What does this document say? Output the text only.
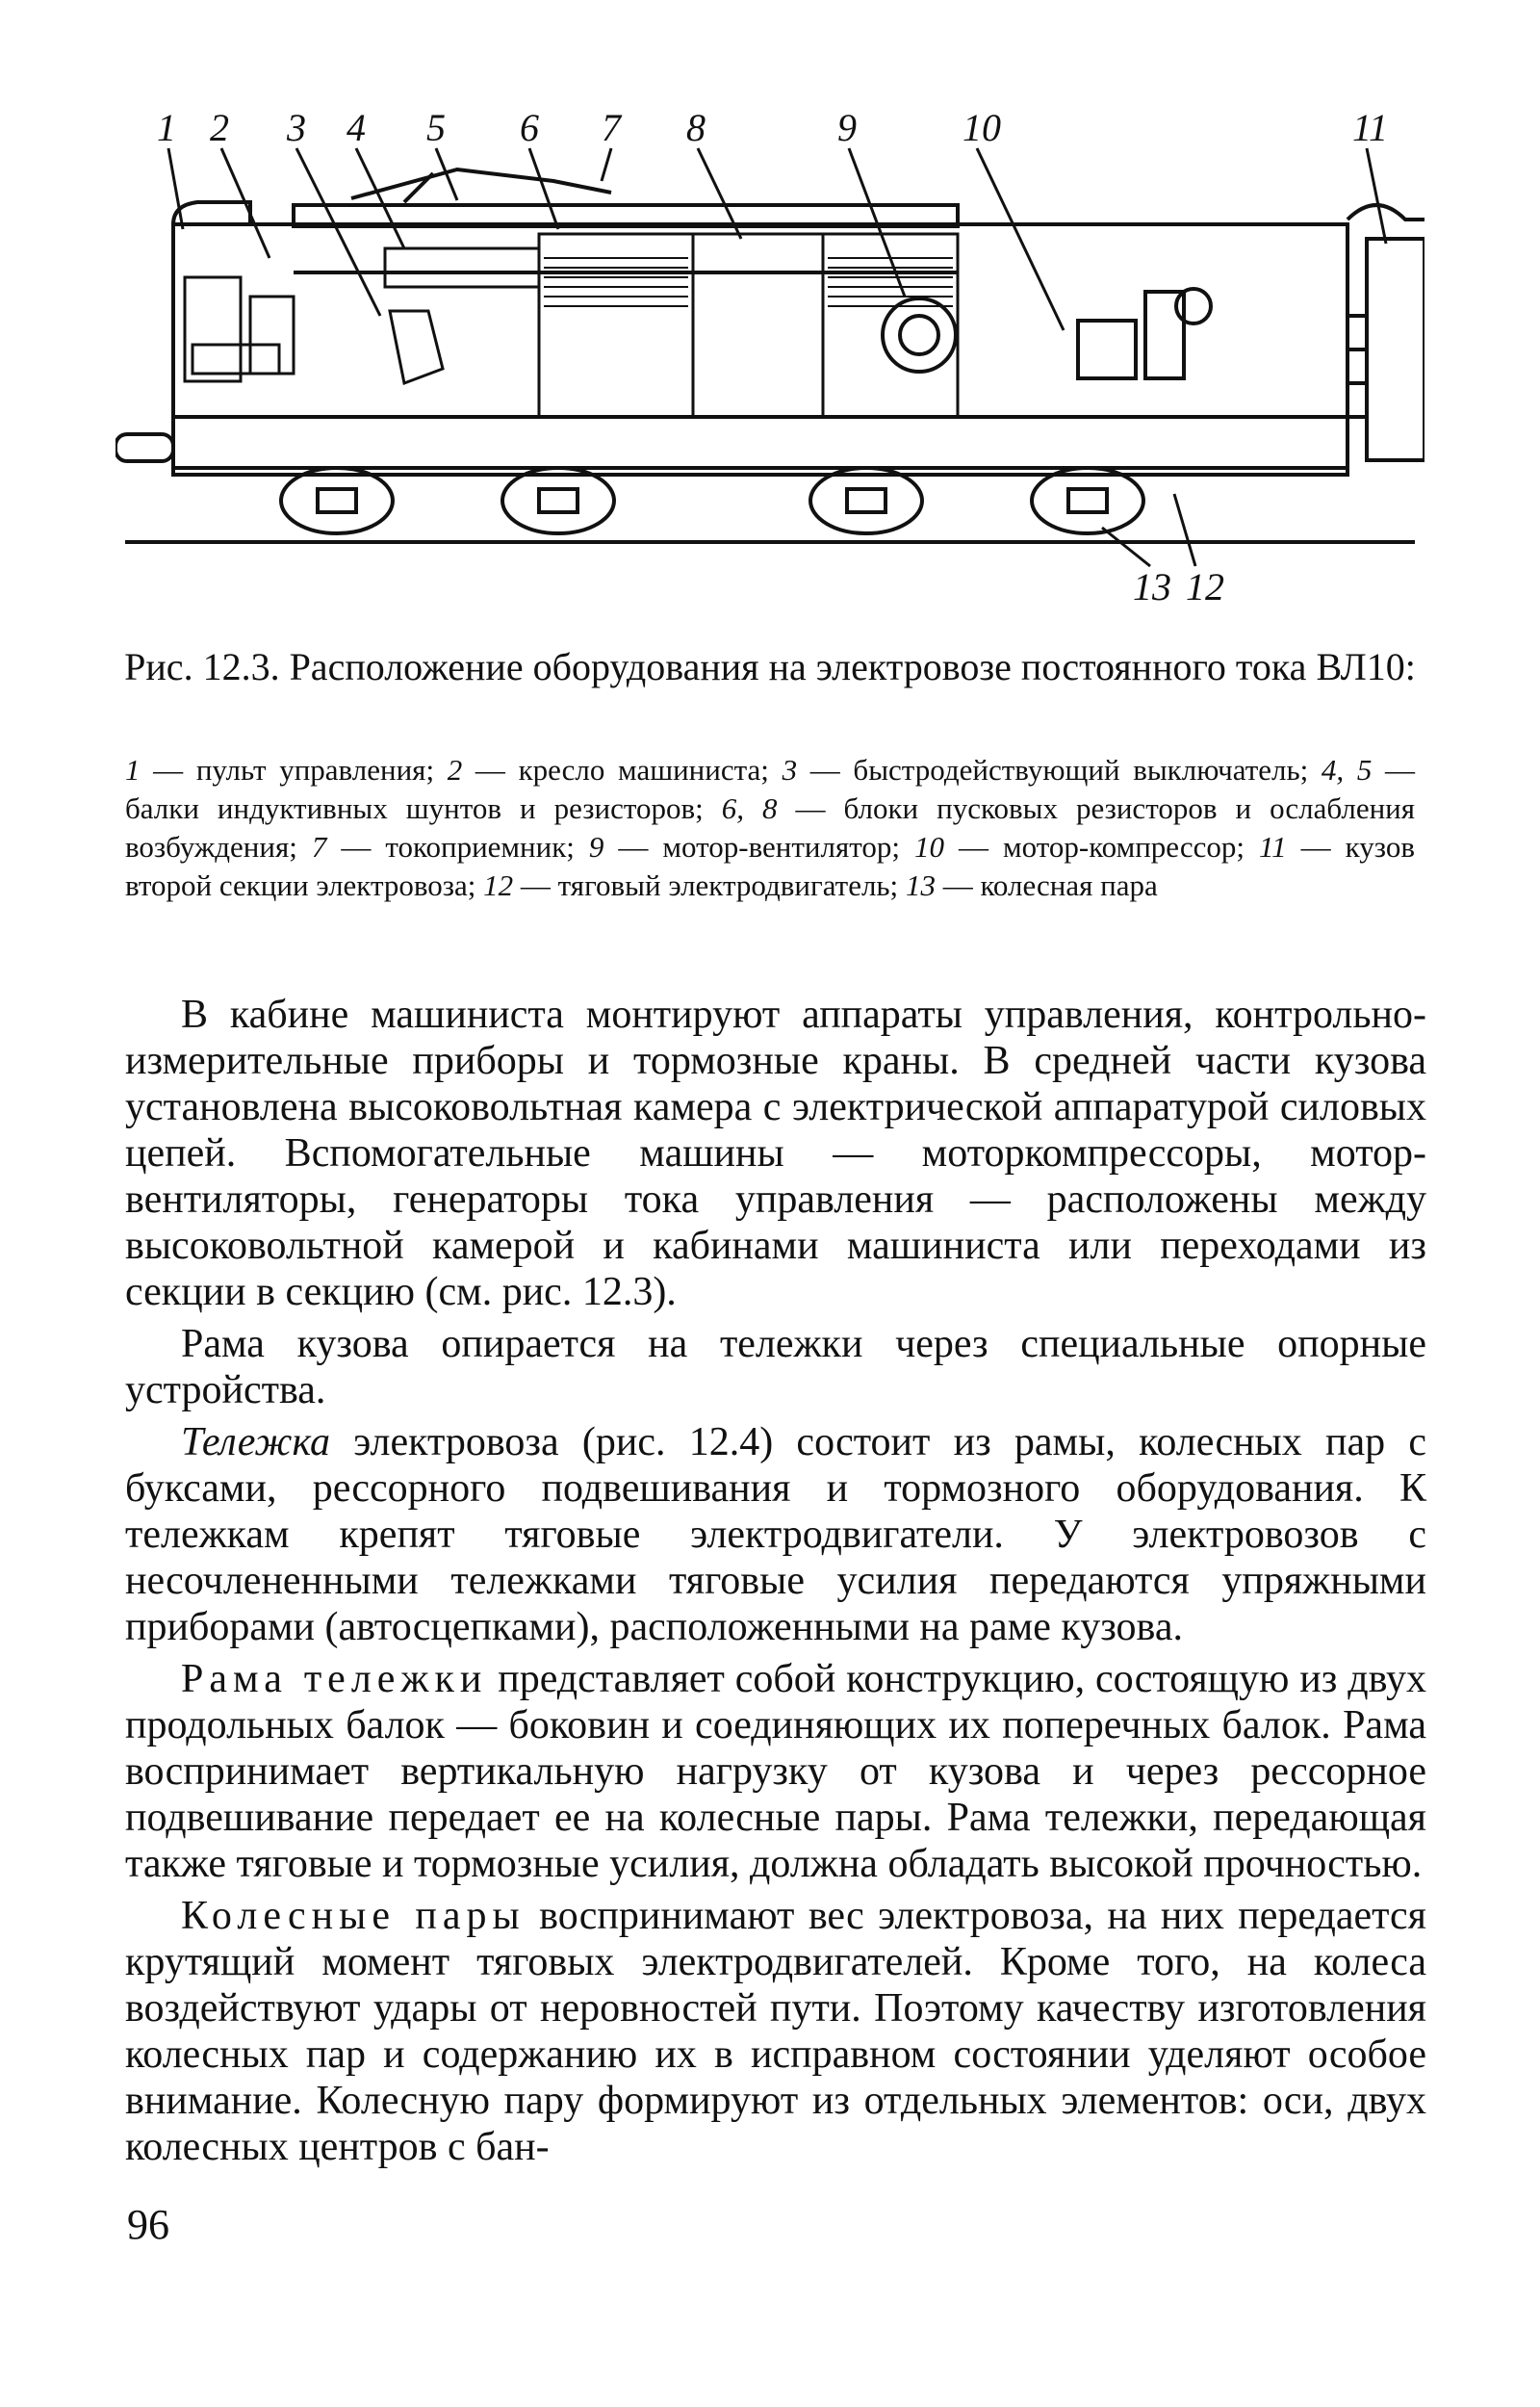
1 2 3 4 5 6 7 8	9	10	11
13 12
Рис. 12.3. Расположение оборудования на электровозе постоянного тока ВЛ10:
1 — пульт управления; 2 — кресло машиниста; 3 — быстродействующий выключатель; 4, 5 — балки индуктивных шунтов и резисторов; 6, 8 — блоки пусковых резисторов и ослабления возбуждения; 7 — токоприемник; 9 — мотор-вентилятор; 10 — мотор-компрессор; 11 — кузов второй секции электровоза; 12 — тяговый электродвигатель; 13 — колесная пара

В кабине машиниста монтируют аппараты управления, контрольно-измерительные приборы и тормозные краны. В средней части кузова установлена высоковольтная камера с электрической аппаратурой силовых цепей. Вспомогательные машины — моторкомпрессоры, мотор-вентиляторы, генераторы тока управления — расположены между высоковольтной камерой и кабинами машиниста или переходами из секции в секцию (см. рис. 12.3).

Рама кузова опирается на тележки через специальные опорные устройства.

Тележка электровоза (рис. 12.4) состоит из рамы, колесных пар с буксами, рессорного подвешивания и тормозного оборудования. К тележкам крепят тяговые электродвигатели. У электровозов с несочлененными тележками тяговые усилия передаются упряжными приборами (автосцепками), расположенными на раме кузова.

Рама тележки представляет собой конструкцию, состоящую из двух продольных балок — боковин и соединяющих их поперечных балок. Рама воспринимает вертикальную нагрузку от кузова и через рессорное подвешивание передает ее на колесные пары. Рама тележки, передающая также тяговые и тормозные усилия, должна обладать высокой прочностью.

Колесные пары воспринимают вес электровоза, на них передается крутящий момент тяговых электродвигателей. Кроме того, на колеса воздействуют удары от неровностей пути. Поэтому качеству изготовления колесных пар и содержанию их в исправном состоянии уделяют особое внимание. Колесную пару формируют из отдельных элементов: оси, двух колесных центров с бан-

96
